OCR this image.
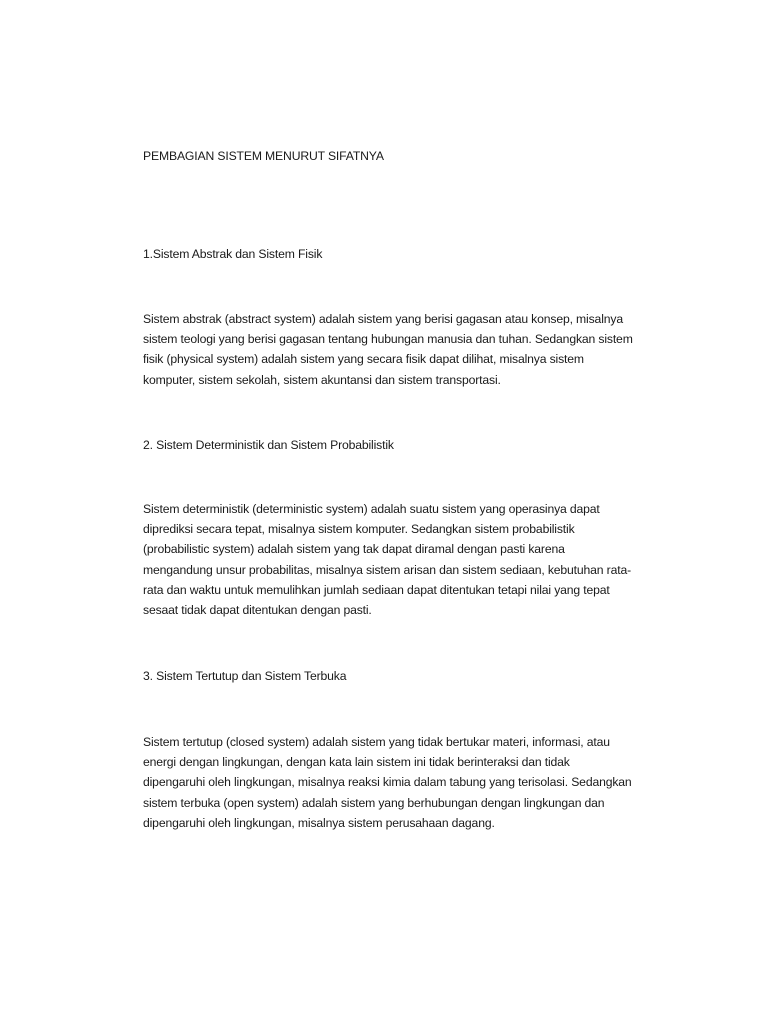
PEMBAGIAN SISTEM MENURUT SIFATNYA

1.Sistem Abstrak dan Sistem Fisik

Sistem abstrak (abstract system) adalah sistem yang berisi gagasan atau konsep, misalnya
sistem teologi yang berisi gagasan tentang hubungan manusia dan tuhan. Sedangkan sistem
fisik (physical system) adalah sistem yang secara fisik dapat dilihat, misalnya sistem
komputer, sistem sekolah, sistem akuntansi dan sistem transportasi.

2. Sistem Deterministik dan Sistem Probabilistik

Sistem deterministik (deterministic system) adalah suatu sistem yang operasinya dapat
diprediksi secara tepat, misalnya sistem komputer. Sedangkan sistem probabilistik
(probabilistic system) adalah sistem yang tak dapat diramal dengan pasti karena
mengandung unsur probabilitas, misalnya sistem arisan dan sistem sediaan, kebutuhan rata-
rata dan waktu untuk memulihkan jumlah sediaan dapat ditentukan tetapi nilai yang tepat
sesaat tidak dapat ditentukan dengan pasti.

3. Sistem Tertutup dan Sistem Terbuka

Sistem tertutup (closed system) adalah sistem yang tidak bertukar materi, informasi, atau
energi dengan lingkungan, dengan kata lain sistem ini tidak berinteraksi dan tidak
dipengaruhi oleh lingkungan, misalnya reaksi kimia dalam tabung yang terisolasi. Sedangkan
sistem terbuka (open system) adalah sistem yang berhubungan dengan lingkungan dan
dipengaruhi oleh lingkungan, misalnya sistem perusahaan dagang.
